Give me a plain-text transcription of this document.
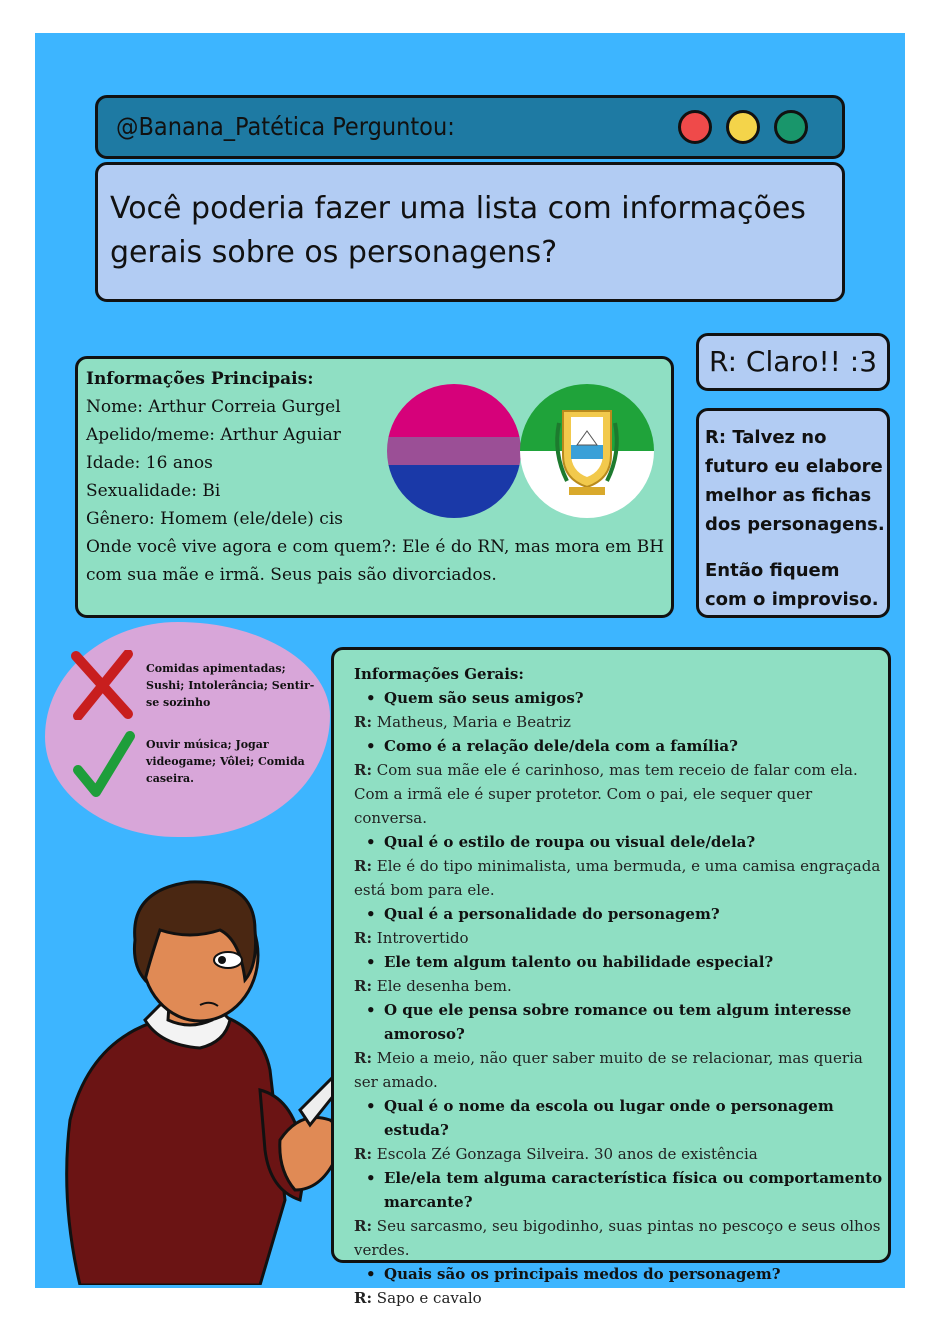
@Banana_Patética Perguntou:
Você poderia fazer uma lista com informações gerais sobre os personagens?
R: Claro!! :3

R: Talvez no futuro eu elabore melhor as fichas dos personagens.

Então fiquem com o improviso.

Informações Principais:
Nome: Arthur Correia Gurgel
Apelido/meme: Arthur Aguiar
Idade: 16 anos
Sexualidade: Bi
Gênero: Homem (ele/dele) cis
Onde você vive agora e com quem?: Ele é do RN, mas mora em BH com sua mãe e irmã. Seus pais são divorciados.
Comidas apimentadas; Sushi; Intolerância; Sentir-se sozinho
Ouvir música; Jogar videogame; Vôlei; Comida caseira.
Informações Gerais:
• Quem são seus amigos?
R: Matheus, Maria e Beatriz
• Como é a relação dele/dela com a família?
R: Com sua mãe ele é carinhoso, mas tem receio de falar com ela. Com a irmã ele é super protetor. Com o pai, ele sequer quer conversa.
• Qual é o estilo de roupa ou visual dele/dela?
R: Ele é do tipo minimalista, uma bermuda, e uma camisa engraçada está bom para ele.
• Qual é a personalidade do personagem?
R: Introvertido
• Ele tem algum talento ou habilidade especial?
R: Ele desenha bem.
• O que ele pensa sobre romance ou tem algum interesse amoroso?
R: Meio a meio, não quer saber muito de se relacionar, mas queria ser amado.
• Qual é o nome da escola ou lugar onde o personagem estuda?
R: Escola Zé Gonzaga Silveira. 30 anos de existência
• Ele/ela tem alguma característica física ou comportamento marcante?
R: Seu sarcasmo, seu bigodinho, suas pintas no pescoço e seus olhos verdes.
• Quais são os principais medos do personagem?
R: Sapo e cavalo
